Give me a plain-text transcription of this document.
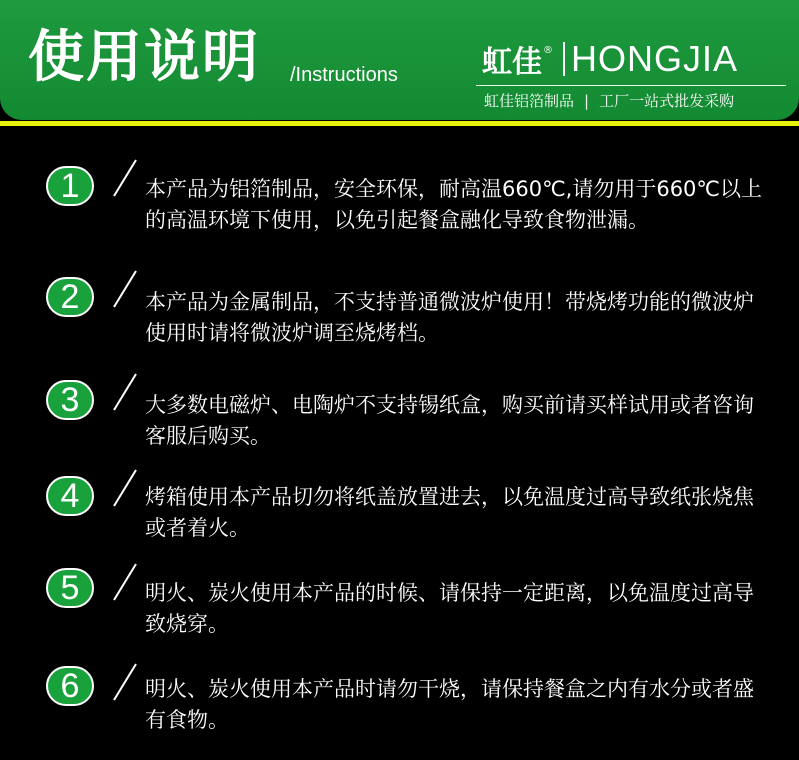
使用说明 /Instructions	虹佳 ® HONGJIA
虹佳铝箔制品 | 工厂一站式批发采购
1	本产品为铝箔制品，安全环保，耐高温660℃,请勿用于660℃以上的高温环境下使用，以免引起餐盒融化导致食物泄漏。
2	本产品为金属制品，不支持普通微波炉使用！带烧烤功能的微波炉使用时请将微波炉调至烧烤档。
3	大多数电磁炉、电陶炉不支持锡纸盒，购买前请买样试用或者咨询客服后购买。
4	烤箱使用本产品切勿将纸盖放置进去，以免温度过高导致纸张烧焦或者着火。
5	明火、炭火使用本产品的时候、请保持一定距离，以免温度过高导致烧穿。
6	明火、炭火使用本产品时请勿干烧，请保持餐盒之内有水分或者盛有食物。
